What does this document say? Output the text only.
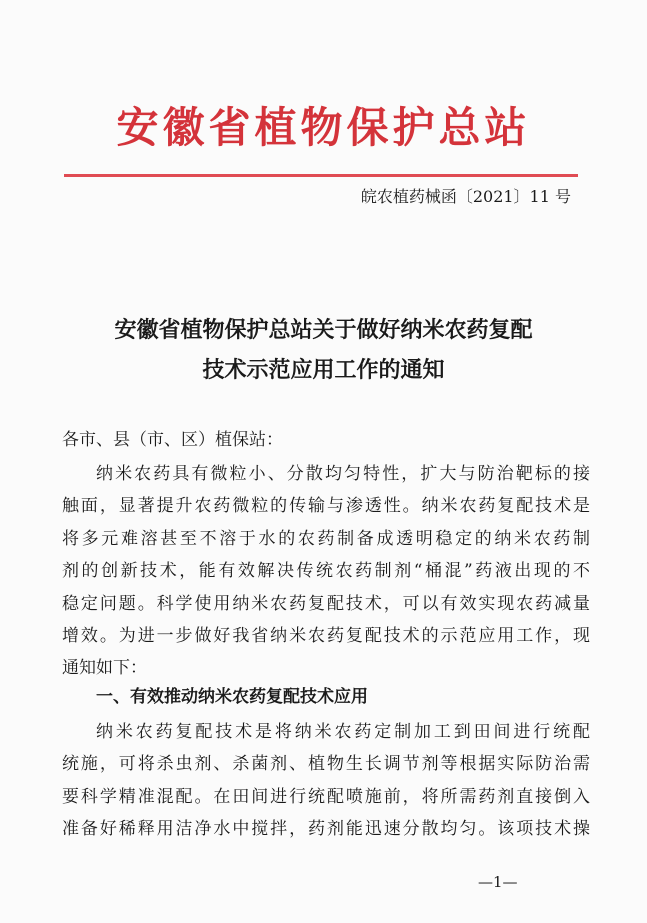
安徽省植物保护总站
皖农植药械函〔2021〕11 号
安徽省植物保护总站关于做好纳米农药复配
技术示范应用工作的通知
各市、县（市、区）植保站：
纳米农药具有微粒小、分散均匀特性，扩大与防治靶标的接
触面，显著提升农药微粒的传输与渗透性。纳米农药复配技术是
将多元难溶甚至不溶于水的农药制备成透明稳定的纳米农药制
剂的创新技术，能有效解决传统农药制剂“桶混”药液出现的不
稳定问题。科学使用纳米农药复配技术，可以有效实现农药减量
增效。为进一步做好我省纳米农药复配技术的示范应用工作，现
通知如下：
一、有效推动纳米农药复配技术应用
纳米农药复配技术是将纳米农药定制加工到田间进行统配
统施，可将杀虫剂、杀菌剂、植物生长调节剂等根据实际防治需
要科学精准混配。在田间进行统配喷施前，将所需药剂直接倒入
准备好稀释用洁净水中搅拌，药剂能迅速分散均匀。该项技术操
—1—
